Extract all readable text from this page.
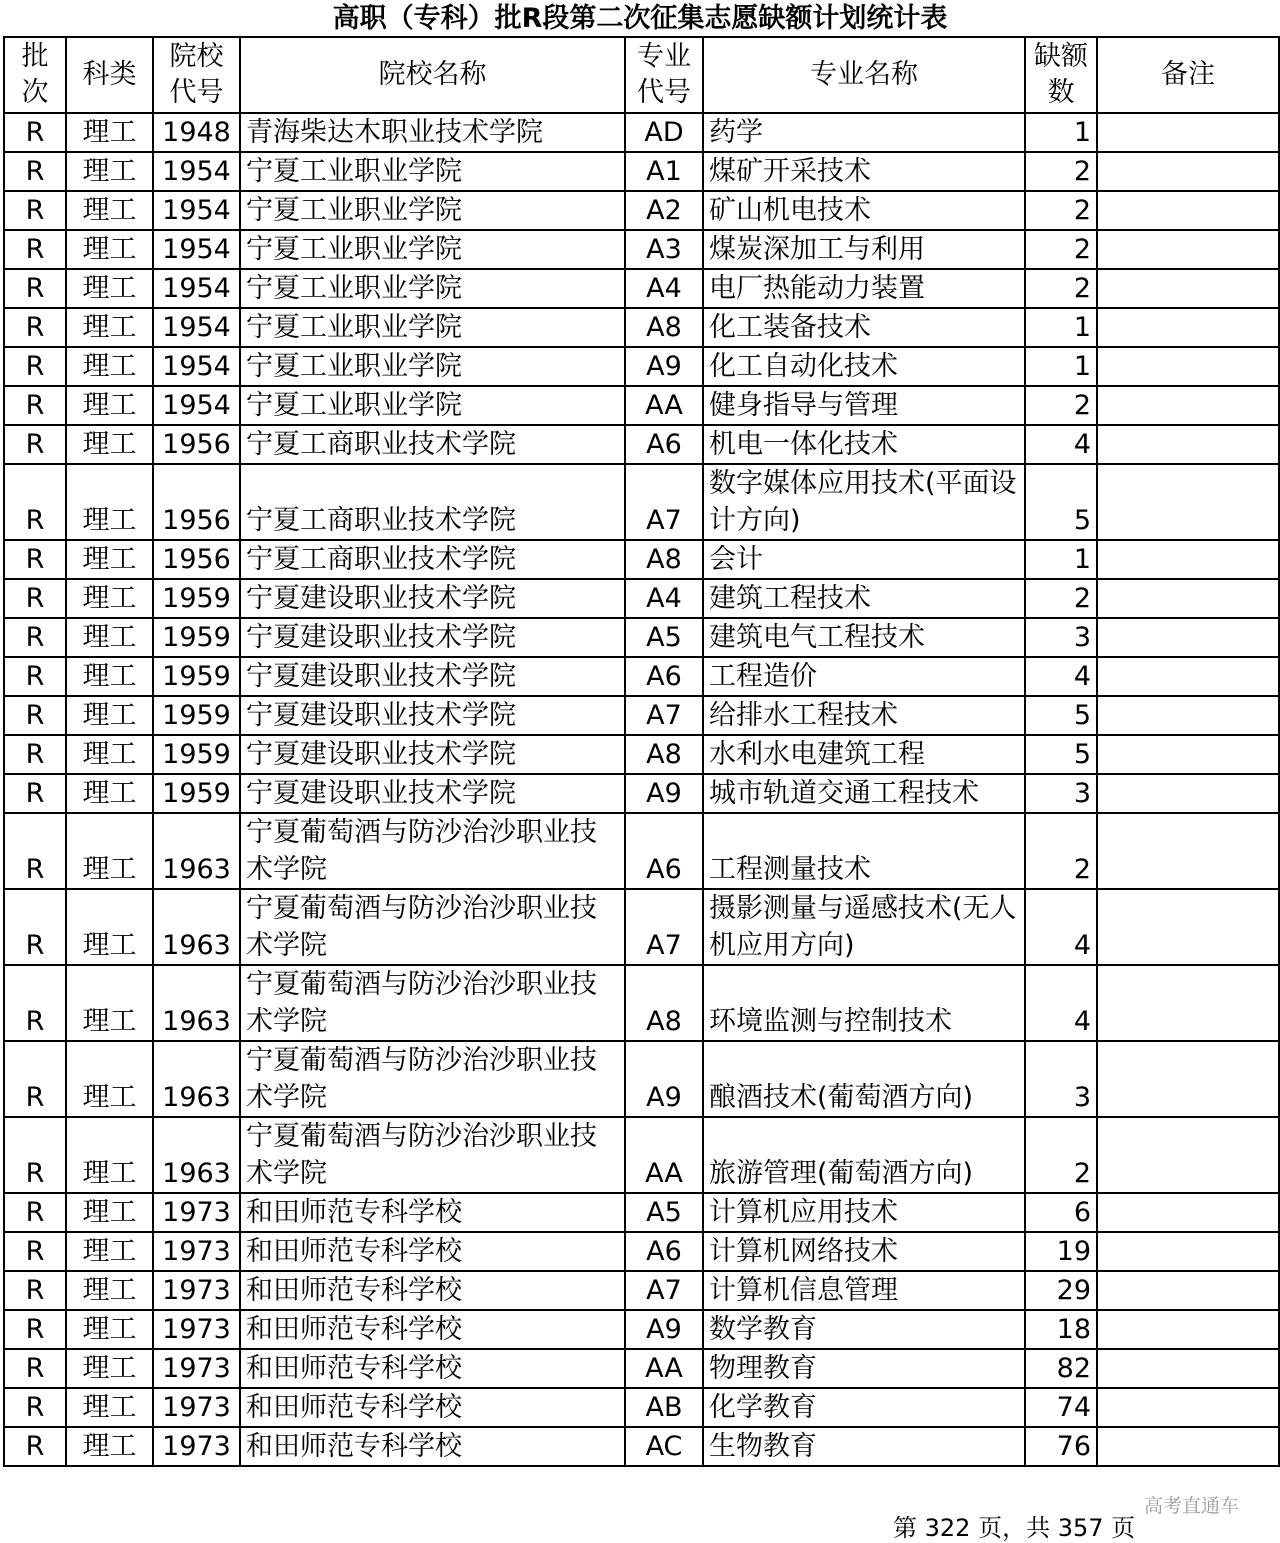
高职（专科）批R段第二次征集志愿缺额计划统计表
批次	科类	院校代号	院校名称	专业代号	专业名称	缺额数	备注
R	理工	1948	青海柴达木职业技术学院	AD	药学	1	
R	理工	1954	宁夏工业职业学院	A1	煤矿开采技术	2	
R	理工	1954	宁夏工业职业学院	A2	矿山机电技术	2	
R	理工	1954	宁夏工业职业学院	A3	煤炭深加工与利用	2	
R	理工	1954	宁夏工业职业学院	A4	电厂热能动力装置	2	
R	理工	1954	宁夏工业职业学院	A8	化工装备技术	1	
R	理工	1954	宁夏工业职业学院	A9	化工自动化技术	1	
R	理工	1954	宁夏工业职业学院	AA	健身指导与管理	2	
R	理工	1956	宁夏工商职业技术学院	A6	机电一体化技术	4	
R	理工	1956	宁夏工商职业技术学院	A7	数字媒体应用技术(平面设计方向)	5	
R	理工	1956	宁夏工商职业技术学院	A8	会计	1	
R	理工	1959	宁夏建设职业技术学院	A4	建筑工程技术	2	
R	理工	1959	宁夏建设职业技术学院	A5	建筑电气工程技术	3	
R	理工	1959	宁夏建设职业技术学院	A6	工程造价	4	
R	理工	1959	宁夏建设职业技术学院	A7	给排水工程技术	5	
R	理工	1959	宁夏建设职业技术学院	A8	水利水电建筑工程	5	
R	理工	1959	宁夏建设职业技术学院	A9	城市轨道交通工程技术	3	
R	理工	1963	宁夏葡萄酒与防沙治沙职业技术学院	A6	工程测量技术	2	
R	理工	1963	宁夏葡萄酒与防沙治沙职业技术学院	A7	摄影测量与遥感技术(无人机应用方向)	4	
R	理工	1963	宁夏葡萄酒与防沙治沙职业技术学院	A8	环境监测与控制技术	4	
R	理工	1963	宁夏葡萄酒与防沙治沙职业技术学院	A9	酿酒技术(葡萄酒方向)	3	
R	理工	1963	宁夏葡萄酒与防沙治沙职业技术学院	AA	旅游管理(葡萄酒方向)	2	
R	理工	1973	和田师范专科学校	A5	计算机应用技术	6	
R	理工	1973	和田师范专科学校	A6	计算机网络技术	19	
R	理工	1973	和田师范专科学校	A7	计算机信息管理	29	
R	理工	1973	和田师范专科学校	A9	数学教育	18	
R	理工	1973	和田师范专科学校	AA	物理教育	82	
R	理工	1973	和田师范专科学校	AB	化学教育	74	
R	理工	1973	和田师范专科学校	AC	生物教育	76	
高考直通车
第 322 页，共 357 页
